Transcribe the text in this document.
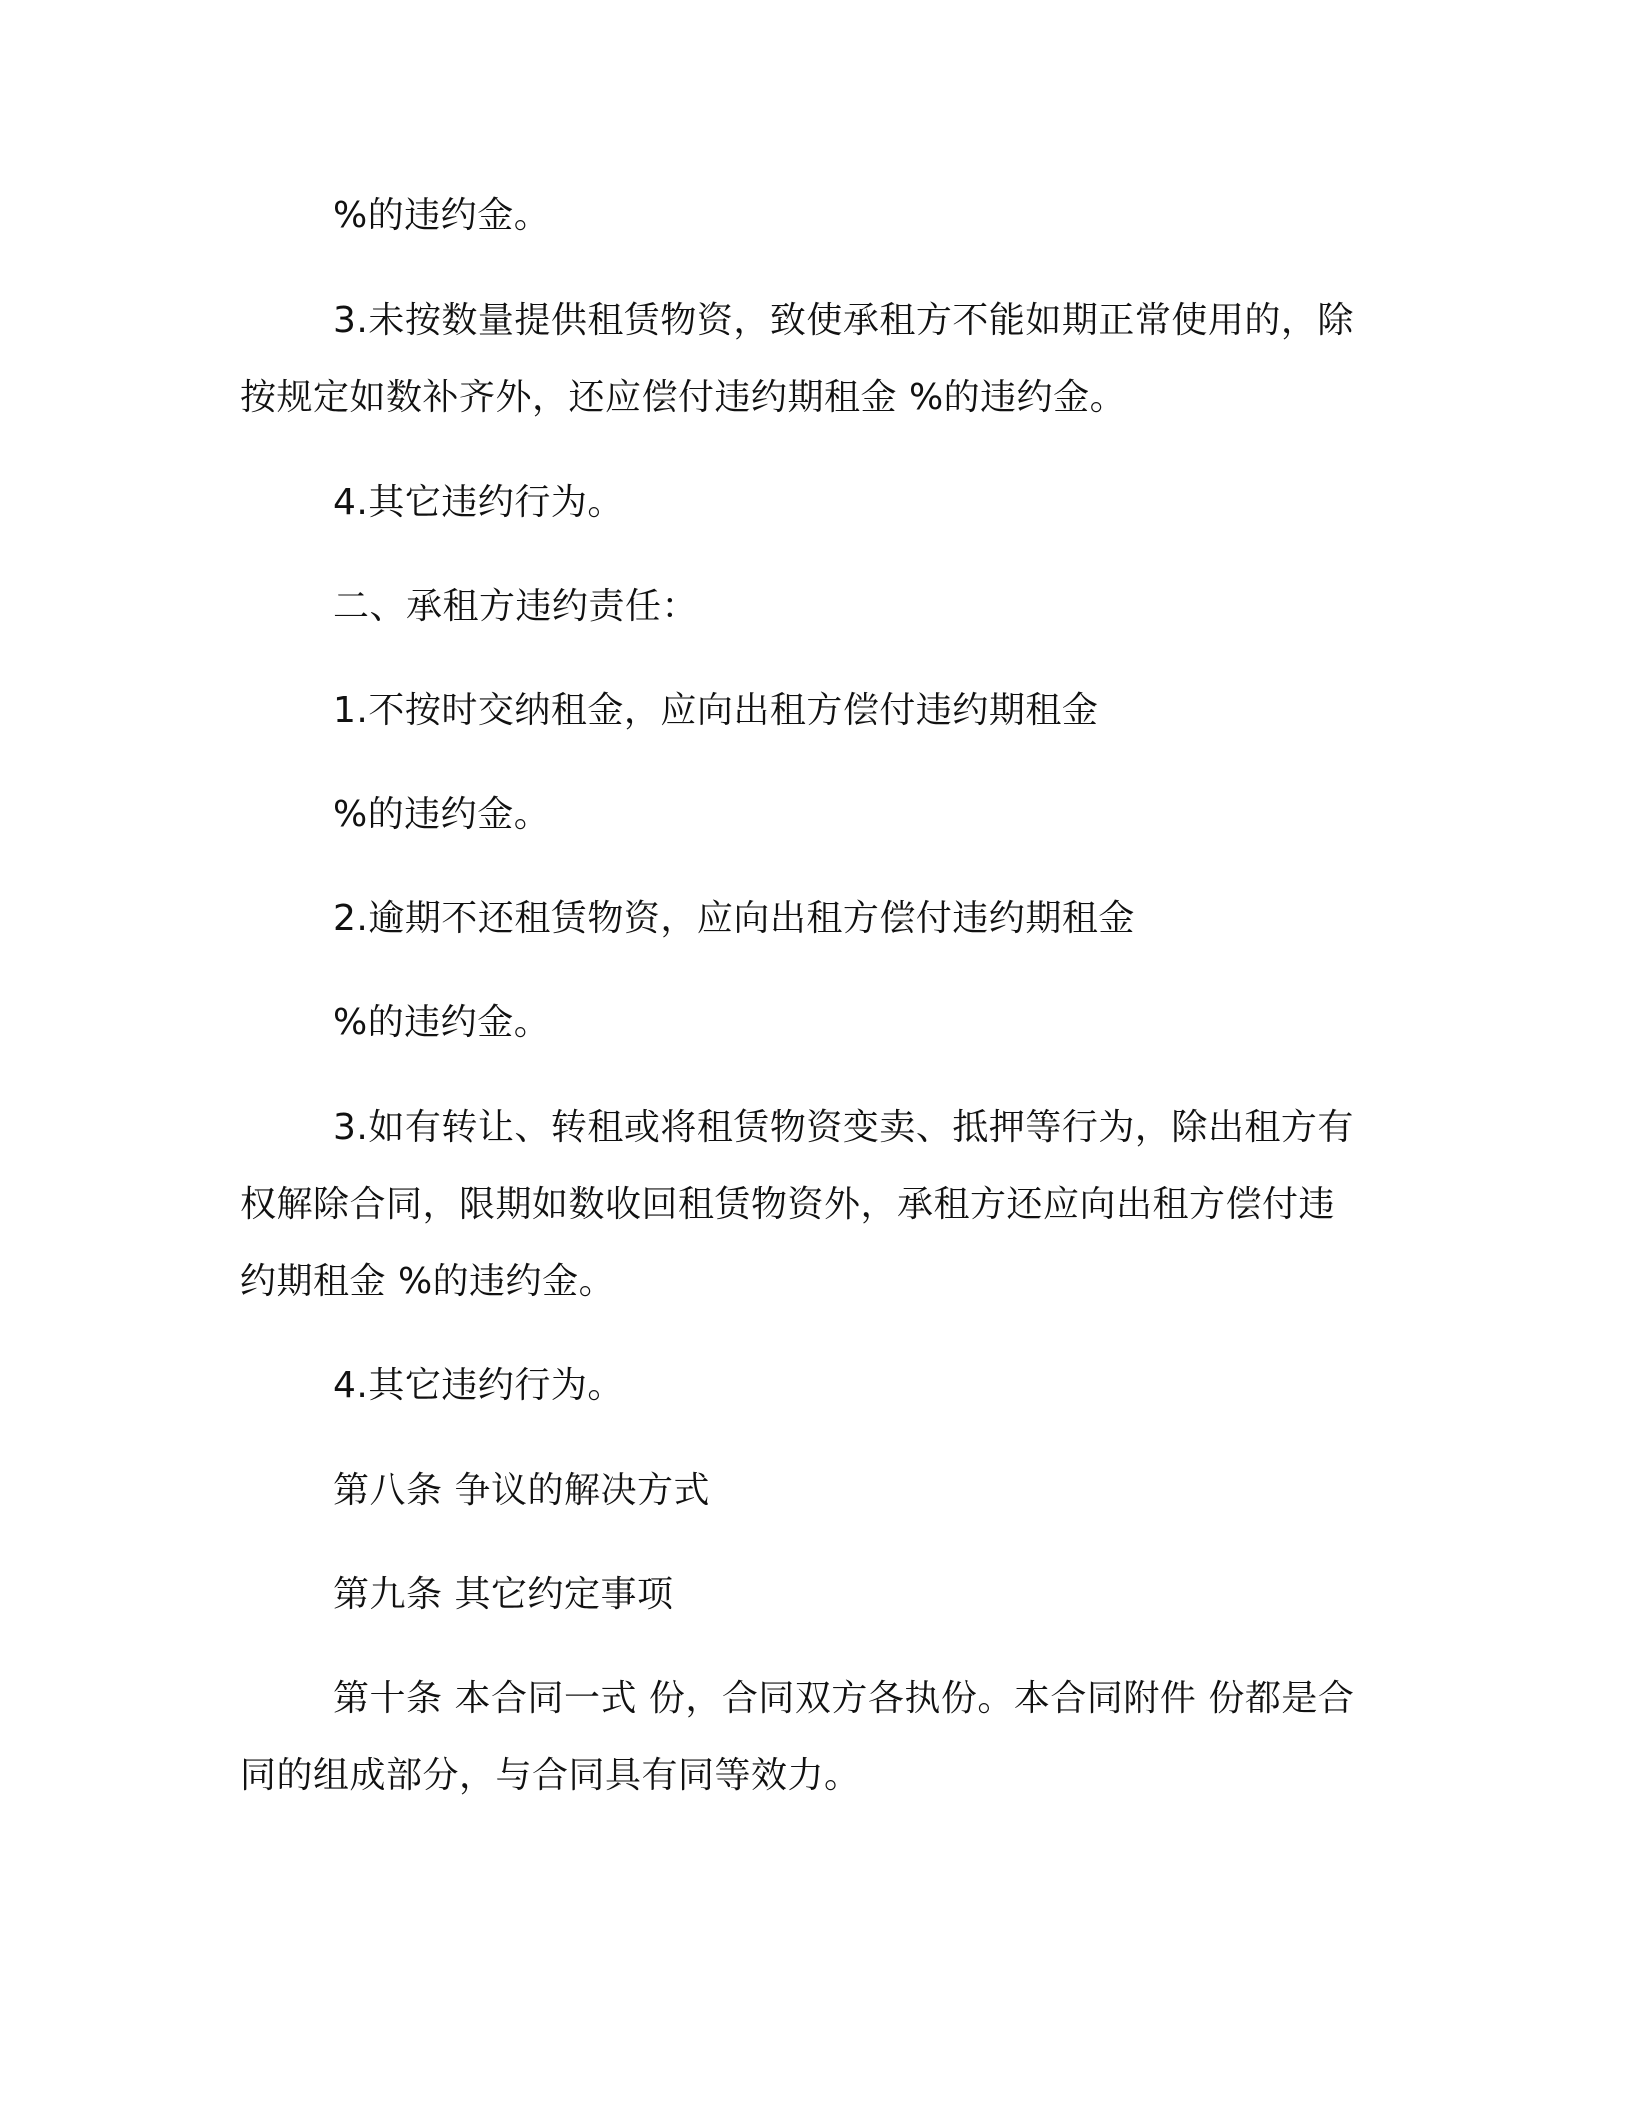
%的违约金。
3.未按数量提供租赁物资，致使承租方不能如期正常使用的，除
按规定如数补齐外，还应偿付违约期租金 %的违约金。
4.其它违约行为。
二、承租方违约责任：
1.不按时交纳租金，应向出租方偿付违约期租金
%的违约金。
2.逾期不还租赁物资，应向出租方偿付违约期租金
%的违约金。
3.如有转让、转租或将租赁物资变卖、抵押等行为，除出租方有
权解除合同，限期如数收回租赁物资外，承租方还应向出租方偿付违
约期租金 %的违约金。
4.其它违约行为。
第八条 争议的解决方式
第九条 其它约定事项
第十条 本合同一式 份，合同双方各执份。本合同附件 份都是合
同的组成部分，与合同具有同等效力。
